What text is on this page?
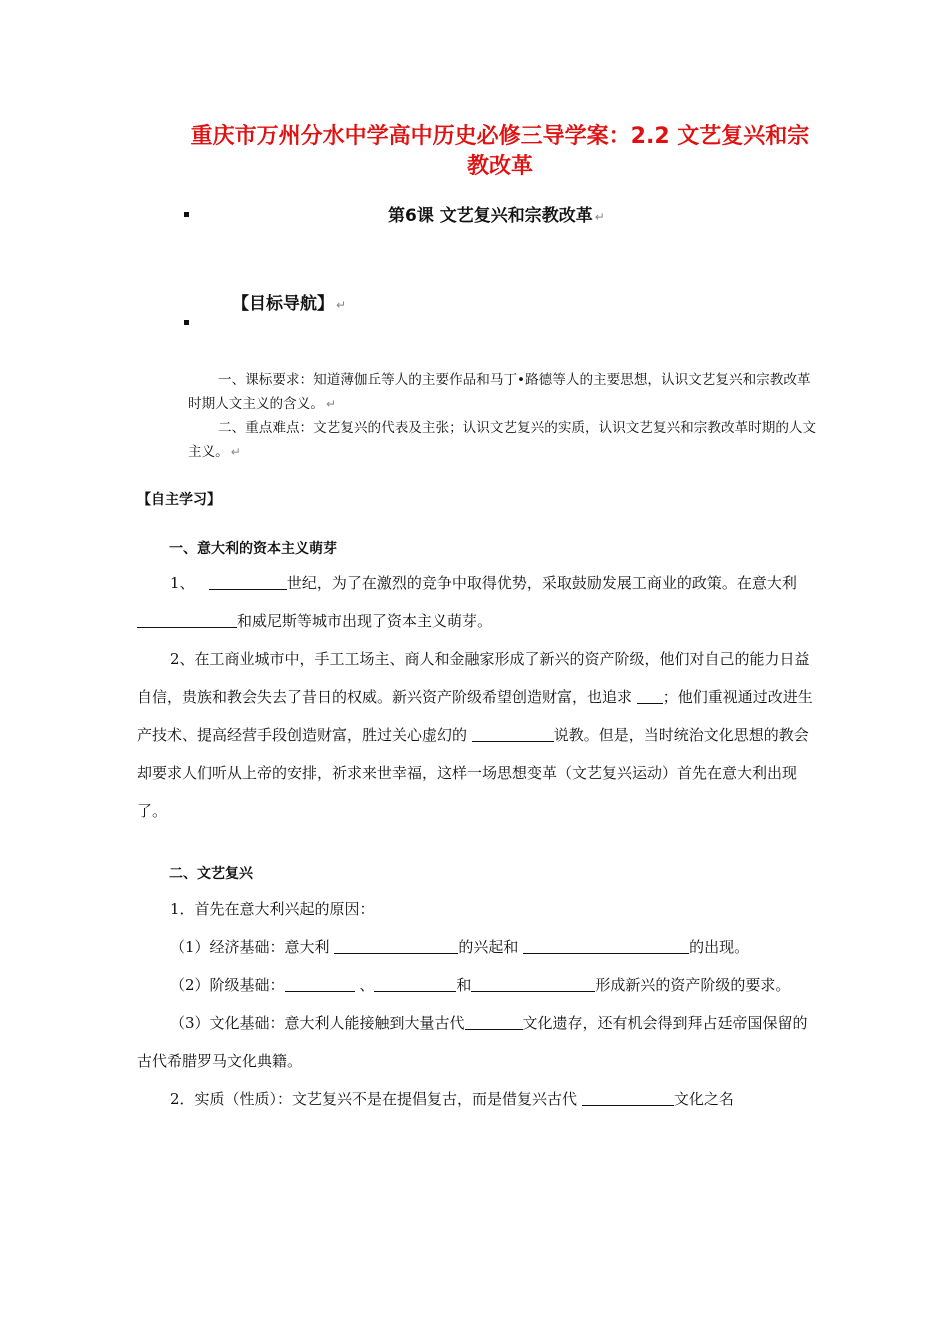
重庆市万州分水中学高中历史必修三导学案：2.2 文艺复兴和宗
教改革
第6课 文艺复兴和宗教改革 ↵
【目标导航】 ↵

一、课标要求：知道薄伽丘等人的主要作品和马丁•路德等人的主要思想，认识文艺复兴和宗教改革时期人文主义的含义。 ↵

二、重点难点：文艺复兴的代表及主张；认识文艺复兴的实质，认识文艺复兴和宗教改革时期的人文主义。 ↵

【自主学习】
一、意大利的资本主义萌芽

1、	世纪，为了在激烈的竞争中取得优势，采取鼓励发展工商业的政策。在意大利 和威尼斯等城市出现了资本主义萌芽。

2、在工商业城市中，手工工场主、商人和金融家形成了新兴的资产阶级，他们对自己的能力日益自信，贵族和教会失去了昔日的权威。新兴资产阶级希望创造财富，也追求 ；他们重视通过改进生产技术、提高经营手段创造财富，胜过关心虚幻的	说教。但是，当时统治文化思想的教会却要求人们听从上帝的安排，祈求来世幸福，这样一场思想变革（文艺复兴运动）首先在意大利出现了。

二、文艺复兴

1．首先在意大利兴起的原因：

（1）经济基础：意大利	的兴起和	的出现。

（2）阶级基础：	、	和	形成新兴的资产阶级的要求。

（3）文化基础：意大利人能接触到大量古代	文化遗存，还有机会得到拜占廷帝国保留的古代希腊罗马文化典籍。

2．实质（性质）：文艺复兴不是在提倡复古，而是借复兴古代	文化之名
